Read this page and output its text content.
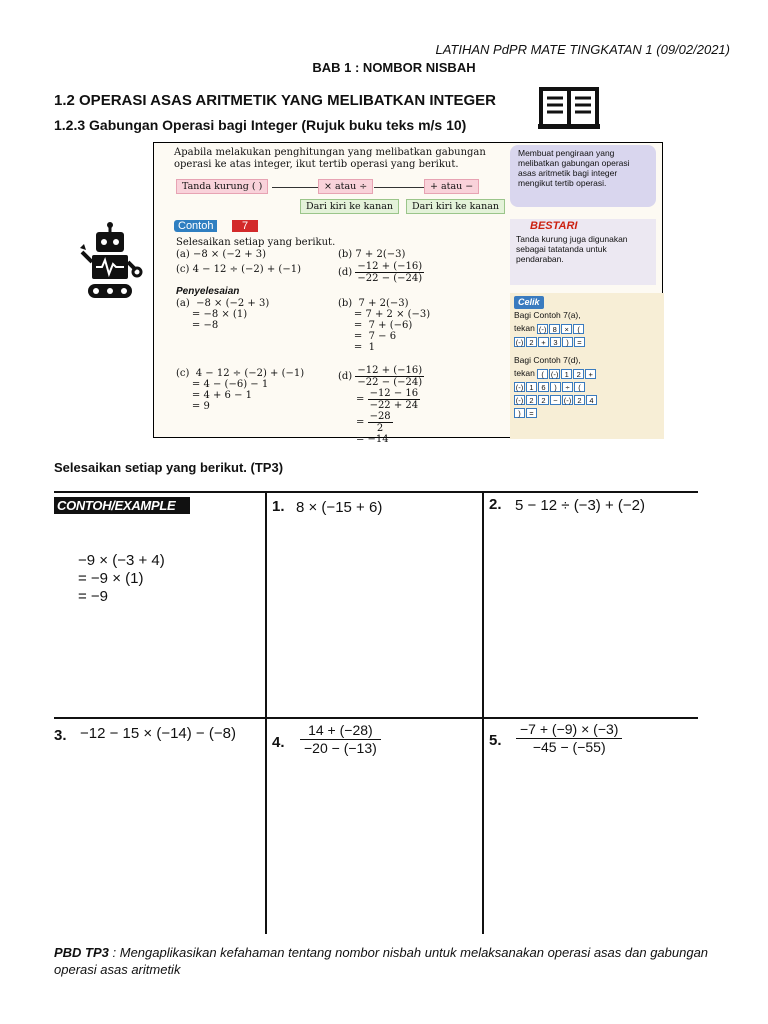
LATIHAN PdPR MATE TINGKATAN 1 (09/02/2021)
BAB 1 : NOMBOR NISBAH
1.2 OPERASI ASAS ARITMETIK YANG MELIBATKAN INTEGER
1.2.3 Gabungan Operasi bagi Integer (Rujuk buku teks m/s 10)
Apabila melakukan penghitungan yang melibatkan gabungan operasi ke atas integer, ikut tertib operasi yang berikut.
Tanda kurung ( )	× atau ÷	+ atau −
Dari kiri ke kanan	Dari kiri ke kanan
Membuat pengiraan yang melibatkan gabungan operasi asas aritmetik bagi integer mengikut tertib operasi.
BESTARI
Tanda kurung juga digunakan sebagai tatatanda untuk pendaraban.
Contoh	7
Selesaikan setiap yang berikut.
(a) −8 × (−2 + 3)	(b) 7 + 2(−3)
(c) 4 − 12 ÷ (−2) + (−1)	$(d) \frac{-12 + (-16)}{-22 - (-24)}$
Penyelesaian
(a)  −8 × (−2 + 3)
= −8 × (1)
= −8
(b)  7 + 2(−3)
= 7 + 2 × (−3)
=  7 + (−6)
=  7 − 6
=  1
(c)  4 − 12 ÷ (−2) + (−1)
= 4 − (−6) − 1
= 4 + 6 − 1
= 9
$(d) \frac{-12 + (-16)}{-22 - (-24)}$
= $\frac{-12 - 16}{-22 + 24}$
= $\frac{-28}{2}$
= −14
Celik
Bagi Contoh 7(a),
tekan (-) 8 × (
(-) 2 + 3 ) =
Bagi Contoh 7(d),
tekan ( (-) 1 2 +
(-) 1 6 ) ÷ (
(-) 2 2 − (-) 2 4
) =
Selesaikan setiap yang berikut. (TP3)
CONTOH/EXAMPLE
−9 × (−3 + 4)
= −9 × (1)
= −9
1. 8 × (−15 + 6)	2. 5 − 12 ÷ (−3) + (−2)
3. −12 − 15 × (−14) − (−8)
4. $\frac{14 + (-28)}{-20 - (-13)}$	5. $\frac{-7 + (-9) \times (-3)}{-45 - (-55)}$
PBD TP3 : Mengaplikasikan kefahaman tentang nombor nisbah untuk melaksanakan operasi asas dan gabungan operasi asas aritmetik
